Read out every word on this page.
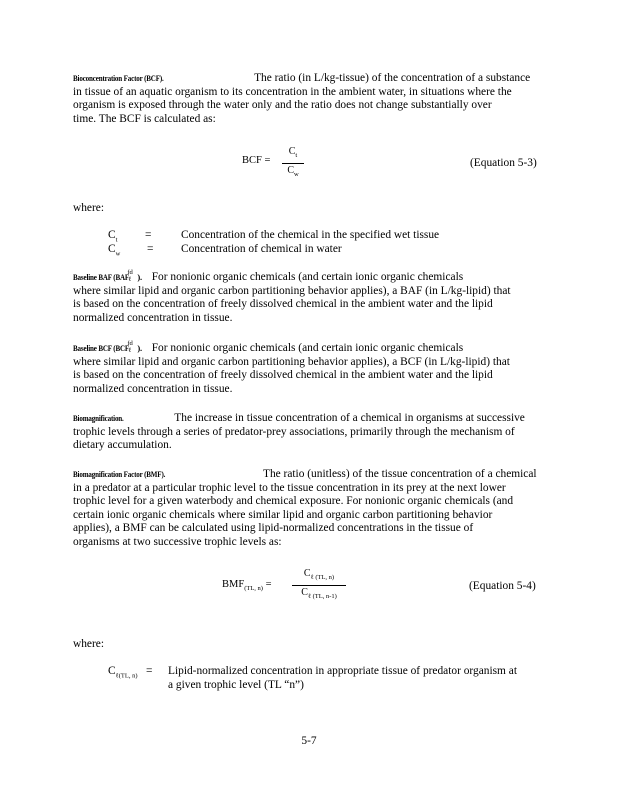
Bioconcentration Factor (BCF).	The ratio (in L/kg-tissue) of the concentration of a substance
in tissue of an aquatic organism to its concentration in the ambient water, in situations where the
organism is exposed through the water only and the ratio does not change substantially over
time. The BCF is calculated as:
BCF =
$C_t$
$C_w$
(Equation 5-3)
where:
$C_t$ =	Concentration of the chemical in the specified wet tissue
$C_w$ = Concentration of chemical in water
Baseline BAF (BAF
fd
ℓ ). For nonionic organic chemicals (and certain ionic organic chemicals
where similar lipid and organic carbon partitioning behavior applies), a BAF (in L/kg-lipid) that
is based on the concentration of freely dissolved chemical in the ambient water and the lipid
normalized concentration in tissue.
Baseline BCF (BCF
fd
ℓ ). For nonionic organic chemicals (and certain ionic organic chemicals
where similar lipid and organic carbon partitioning behavior applies), a BCF (in L/kg-lipid) that
is based on the concentration of freely dissolved chemical in the ambient water and the lipid
normalized concentration in tissue.
Biomagnification.	The increase in tissue concentration of a chemical in organisms at successive
trophic levels through a series of predator-prey associations, primarily through the mechanism of
dietary accumulation.
Biomagnification Factor (BMF).	The ratio (unitless) of the tissue concentration of a chemical
in a predator at a particular trophic level to the tissue concentration in its prey at the next lower
trophic level for a given waterbody and chemical exposure. For nonionic organic chemicals (and
certain ionic organic chemicals where similar lipid and organic carbon partitioning behavior
applies), a BMF can be calculated using lipid-normalized concentrations in the tissue of
organisms at two successive trophic levels as:
$BMF_{(TL, n)}$ =
$C_{\ell (TL, n)}$
$C_{\ell (TL, n-1)}$
(Equation 5-4)
where:
$C_{\ell(TL, n)}$ = Lipid-normalized concentration in appropriate tissue of predator organism at
a given trophic level (TL “n”)
5-7
